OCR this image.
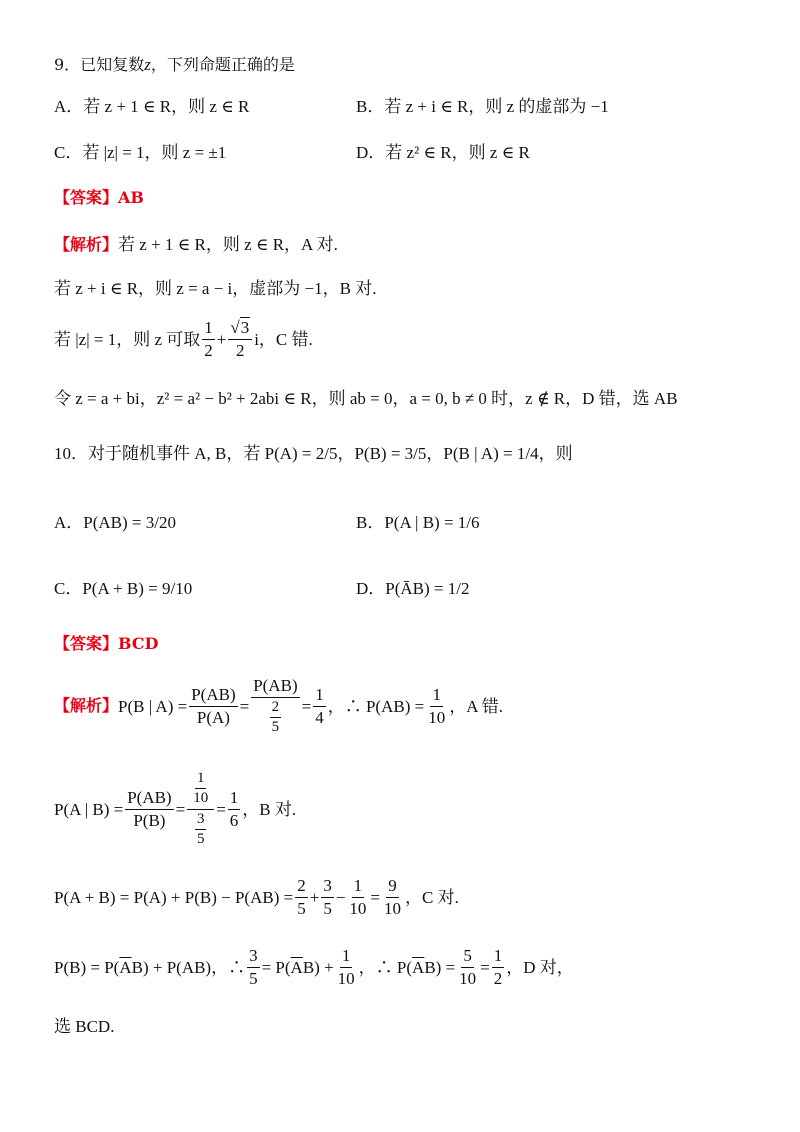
9． 已知复数 z ，下列命题正确的是
A．若 z + 1 ∈ R，则 z ∈ R	B．若 z + i ∈ R，则 z 的虚部为 −1
C．若 |z| = 1，则 z = ±1	D．若 z² ∈ R，则 z ∈ R
【答案】 AB
【解析】 若 z + 1 ∈ R，则 z ∈ R，A 对.
若 z + i ∈ R，则 z = a − i，虚部为 −1，B 对.
若 |z| = 1，则 z 可取 $\frac{1}{2} + \frac{√3}{2}$ i，C 错.
令 z = a + bi，z² = a² − b² + 2abi ∈ R，则 ab = 0，a = 0, b ≠ 0 时，z ∉ R，D 错，选 AB
10． 对于随机事件 A, B，若 P(A) = 2/5，P(B) = 3/5，P(B | A) = 1/4，则
A．P(AB) = 3/20	B．P(A | B) = 1/6
C．P(A + B) = 9/10	D．P(ĀB) = 1/2
【答案】 BCD
【解析】 P(B | $A) = \frac{P(AB)}{P(A)} = \frac{P(AB)}{\frac{2}{5}} = \frac{1}{4}$ ，∴ $P(AB) = \frac{1}{10}$ ，A 错.
P(A | $B) = \frac{P(AB)}{P(B)} = \frac{\frac{1}{10}}{\frac{3}{5}} = \frac{1}{6}$ ，B 对.
$P(A + B) = P(A) + P(B) - P(AB) = \frac{2}{5} + \frac{3}{5} - \frac{1}{10} = \frac{9}{10}$ ，C 对.
$P(B) = P(\overline{A}B) + P(AB)$，∴ $\frac{3}{5} = P(\overline{A}B) + \frac{1}{10}$ ，∴ $P(\overline{A}B) = \frac{5}{10} = \frac{1}{2}$ ，D 对，
选 BCD.
